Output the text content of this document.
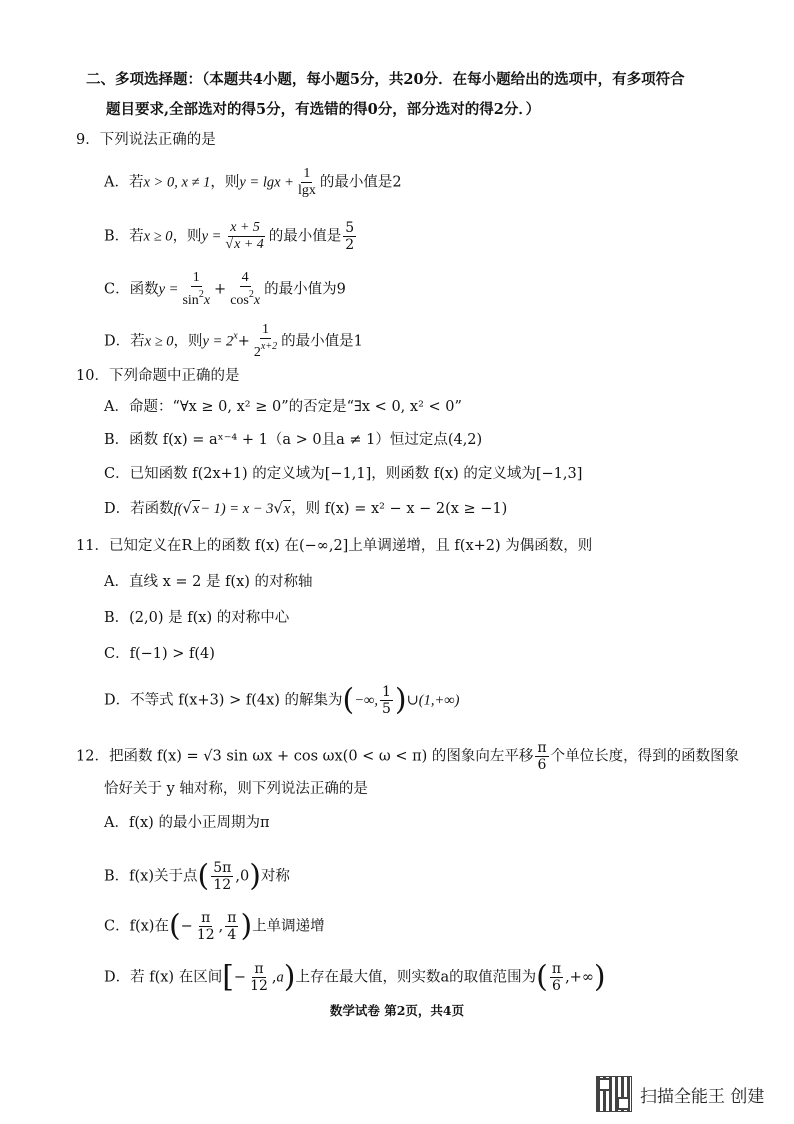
二、多项选择题：（本题共4小题，每小题5分，共20分．在每小题给出的选项中，有多项符合
题目要求,全部选对的得5分，有选错的得0分，部分选对的得2分．）
9．下列说法正确的是
A．若x > 0, x ≠ 1，则$y = \lg x + \frac{1}{\lg x}$ 的最小值是2
B．若x ≥ 0，则$y = \frac{x + 5}{√x + 4}$ 的最小值是 $\frac{5}{2}$
C．函数$y = \frac{1}{\sin^2x} + \frac{4}{\cos^2x}$ 的最小值为9
D．若x ≥ 0，则$y = 2^x+ \frac{1}{2^{x+2}}$ 的最小值是1
10．下列命题中正确的是
A．命题：“∀x ≥ 0, x² ≥ 0”的否定是“∃x < 0, x² < 0”
B．函数 f(x) = aˣ⁻⁴ + 1（a > 0且a ≠ 1）恒过定点(4,2)
C．已知函数 f(2x+1) 的定义域为[−1,1]，则函数 f(x) 的定义域为[−1,3]
D．若函数f(√x− 1) = x − 3√x，则 f(x) = x² − x − 2(x ≥ −1)
11．已知定义在R上的函数 f(x) 在(−∞,2]上单调递增，且 f(x+2) 为偶函数，则
A．直线 x = 2 是 f(x) 的对称轴
B．(2,0) 是 f(x) 的对称中心
C．f(−1) > f(4)
D．不等式 f(x+3) > f(4x) 的解集为(−∞, $\frac{1}{5}$ )∪(1,+∞)
12．把函数 f(x) = √3 sin ωx + cos ωx(0 < ω < π) 的图象向左平移 $\frac{\pi}{6}$ 个单位长度，得到的函数图象
恰好关于 y 轴对称，则下列说法正确的是
A．f(x) 的最小正周期为π
B．f(x)关于点( $\frac{5\pi}{12} ,0$)对称
C．f(x)在(− $\frac{\pi}{12}$ , $\frac{\pi}{4}$ )上单调递增
D．若 f(x) 在区间[− $\frac{\pi}{12} ,a$)上存在最大值，则实数a的取值范围为( $\frac{\pi}{6}$ ,+∞)
数学试卷 第2页，共4页
扫描全能王 创建
